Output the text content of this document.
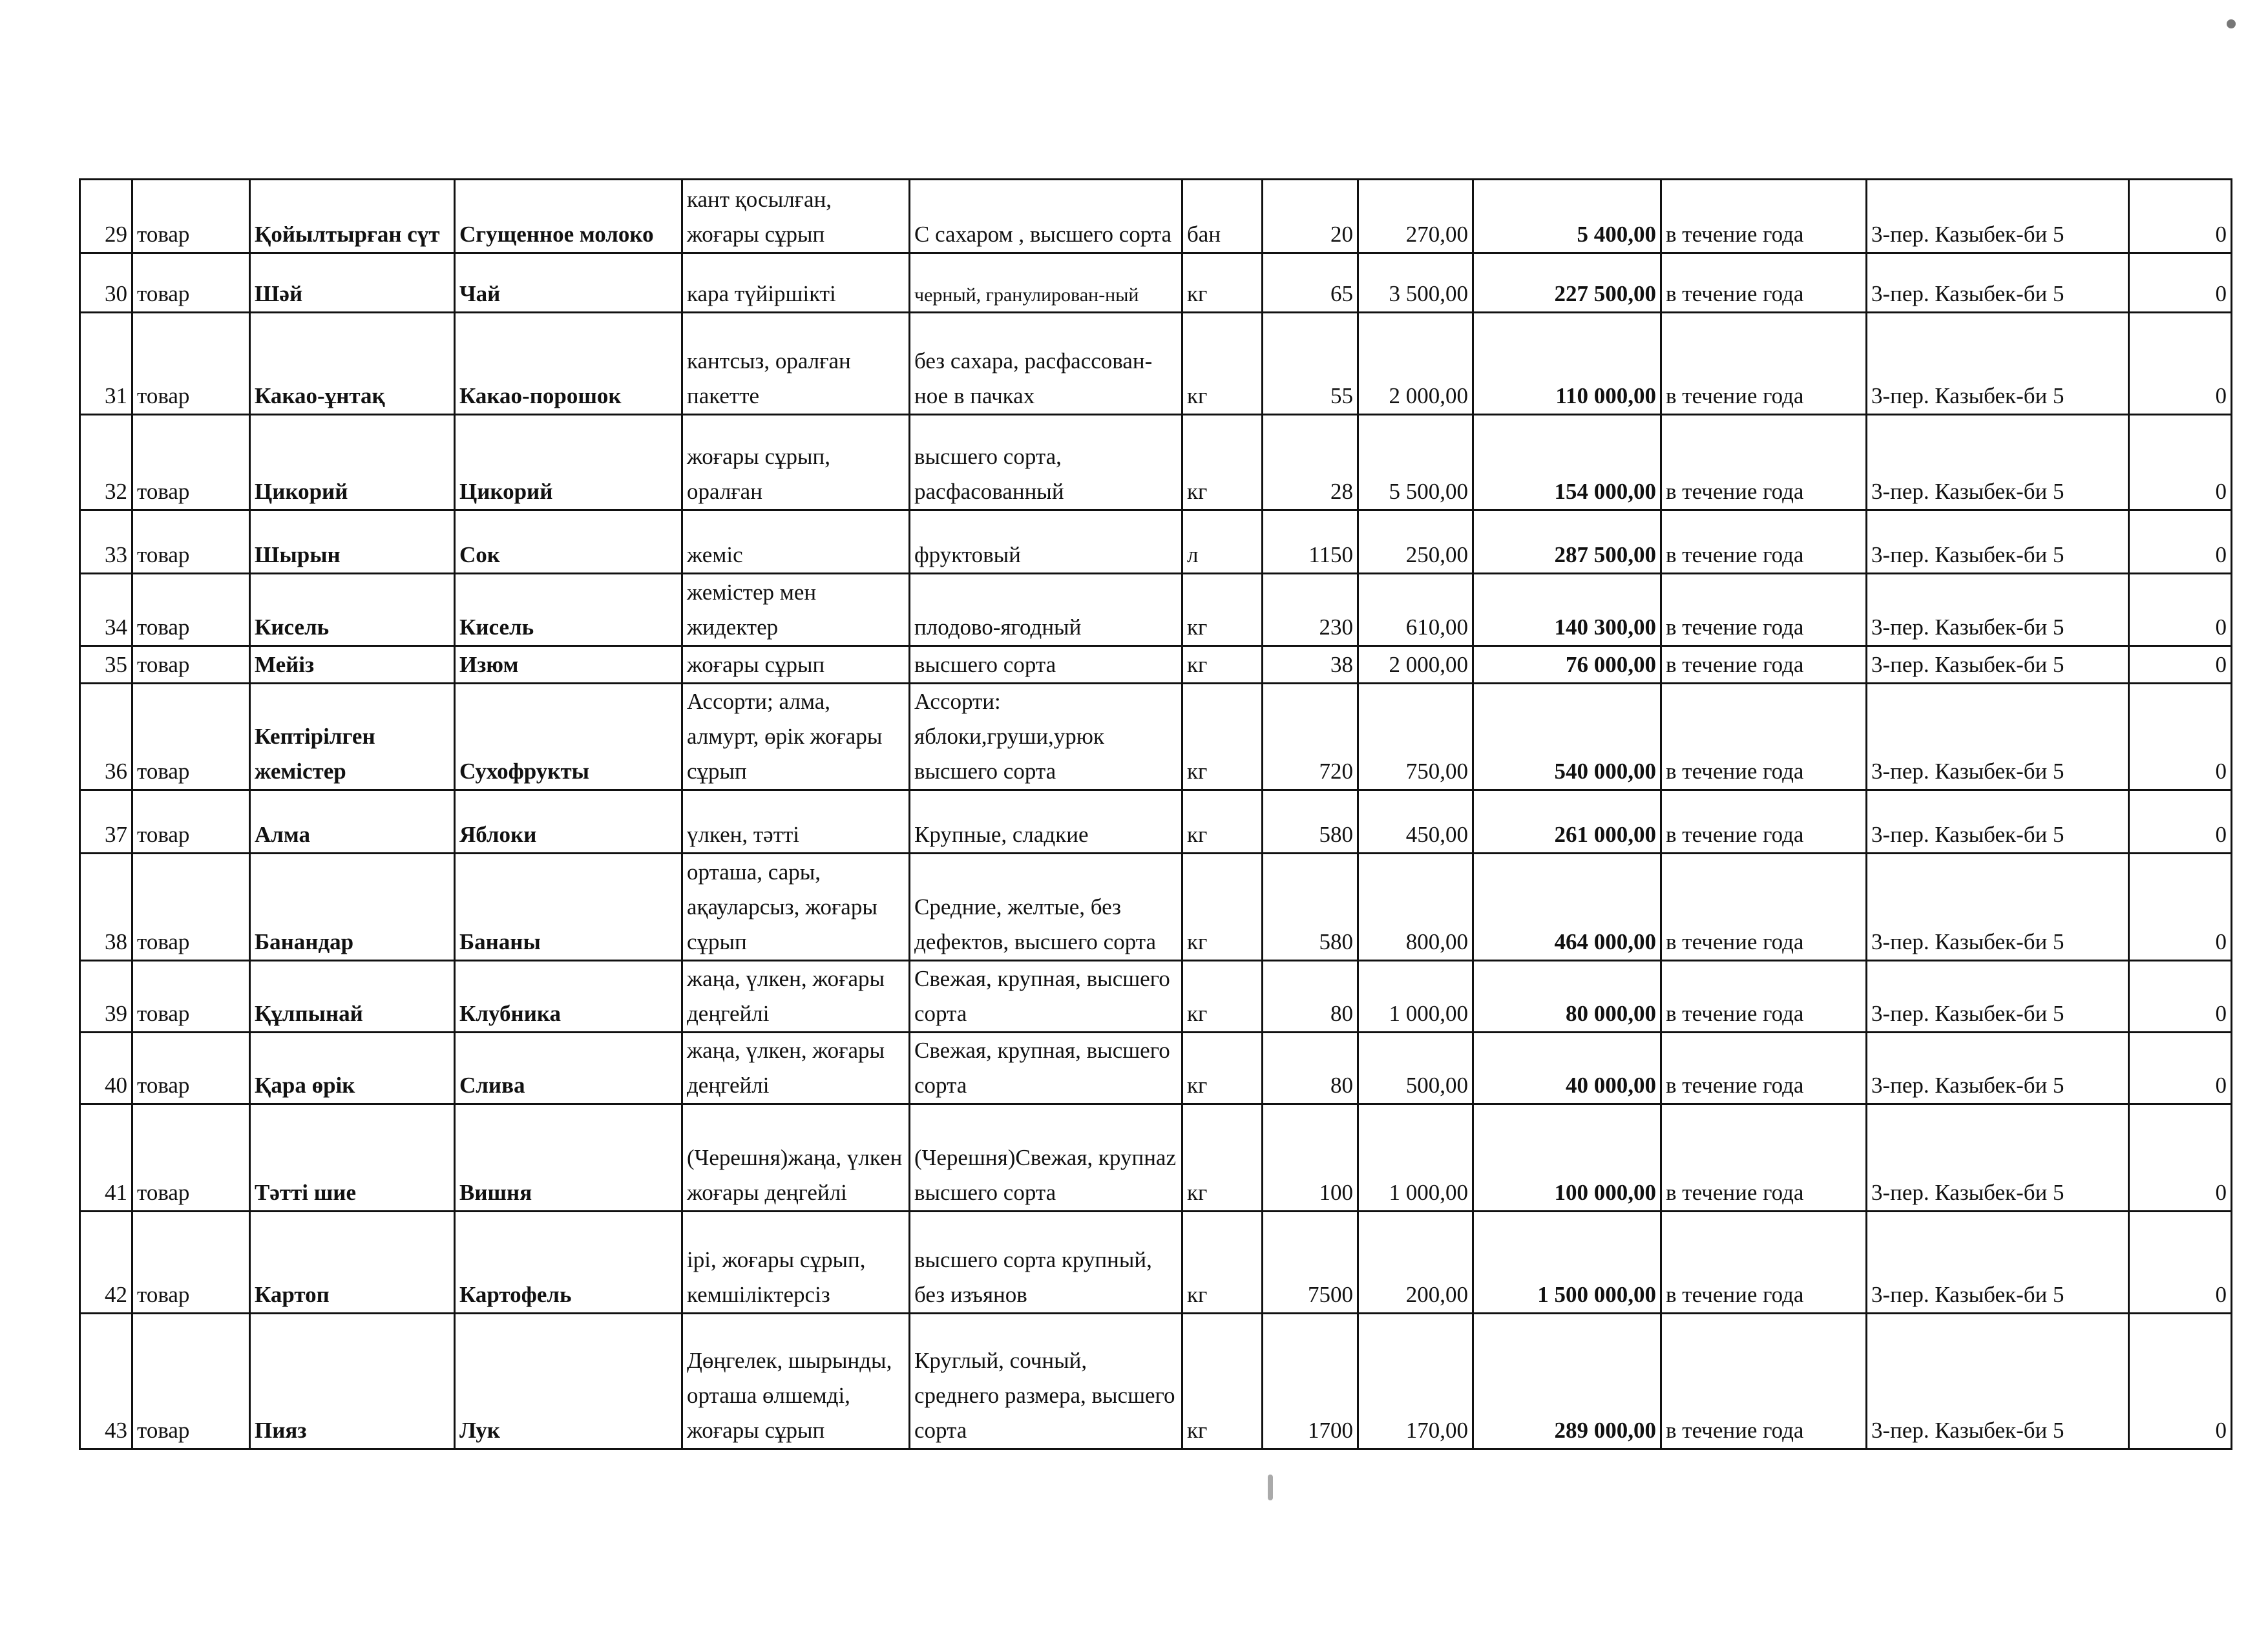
29	товар	Қойылтырған сүт	Сгущенное молоко	кант қосылған, жоғары сұрып	С сахаром , высшего сорта	бан	20	270,00	5 400,00	в течение года	3-пер. Казыбек-би 5	0
30	товар	Шәй	Чай	кара түйіршікті	черный, гранулирован-ный	кг	65	3 500,00	227 500,00	в течение года	3-пер. Казыбек-би 5	0
31	товар	Какао-ұнтақ	Какао-порошок	кантсыз, оралған пакетте	без сахара, расфассован-ное в пачках	кг	55	2 000,00	110 000,00	в течение года	3-пер. Казыбек-би 5	0
32	товар	Цикорий	Цикорий	жоғары сұрып, оралған	высшего сорта, расфасованный	кг	28	5 500,00	154 000,00	в течение года	3-пер. Казыбек-би 5	0
33	товар	Шырын	Сок	жеміс	фруктовый	л	1150	250,00	287 500,00	в течение года	3-пер. Казыбек-би 5	0
34	товар	Кисель	Кисель	жемістер мен жидектер	плодово-ягодный	кг	230	610,00	140 300,00	в течение года	3-пер. Казыбек-би 5	0
35	товар	Мейіз	Изюм	жоғары сұрып	высшего сорта	кг	38	2 000,00	76 000,00	в течение года	3-пер. Казыбек-би 5	0
36	товар	Кептірілген жемістер	Сухофрукты	Ассорти; алма, алмурт, өрік жоғары сұрып	Ассорти: яблоки,груши,урюк высшего сорта	кг	720	750,00	540 000,00	в течение года	3-пер. Казыбек-би 5	0
37	товар	Алма	Яблоки	үлкен, тәтті	Крупные, сладкие	кг	580	450,00	261 000,00	в течение года	3-пер. Казыбек-би 5	0
38	товар	Банандар	Бананы	орташа, сары, ақауларсыз, жоғары сұрып	Средние, желтые, без дефектов, высшего сорта	кг	580	800,00	464 000,00	в течение года	3-пер. Казыбек-би 5	0
39	товар	Құлпынай	Клубника	жаңа, үлкен, жоғары деңгейлі	Свежая, крупная, высшего сорта	кг	80	1 000,00	80 000,00	в течение года	3-пер. Казыбек-би 5	0
40	товар	Қара өрік	Слива	жаңа, үлкен, жоғары деңгейлі	Свежая, крупная, высшего сорта	кг	80	500,00	40 000,00	в течение года	3-пер. Казыбек-би 5	0
41	товар	Тәтті шие	Вишня	(Черешня)жаңа, үлкен жоғары деңгейлі	(Черешня)Свежая, крупнаz высшего сорта	кг	100	1 000,00	100 000,00	в течение года	3-пер. Казыбек-би 5	0
42	товар	Картоп	Картофель	ірі, жоғары сұрып, кемшіліктерсіз	высшего сорта крупный, без изъянов	кг	7500	200,00	1 500 000,00	в течение года	3-пер. Казыбек-би 5	0
43	товар	Пияз	Лук	Дөңгелек, шырынды, орташа өлшемді, жоғары сұрып	Круглый, сочный, среднего размера, высшего сорта	кг	1700	170,00	289 000,00	в течение года	3-пер. Казыбек-би 5	0
